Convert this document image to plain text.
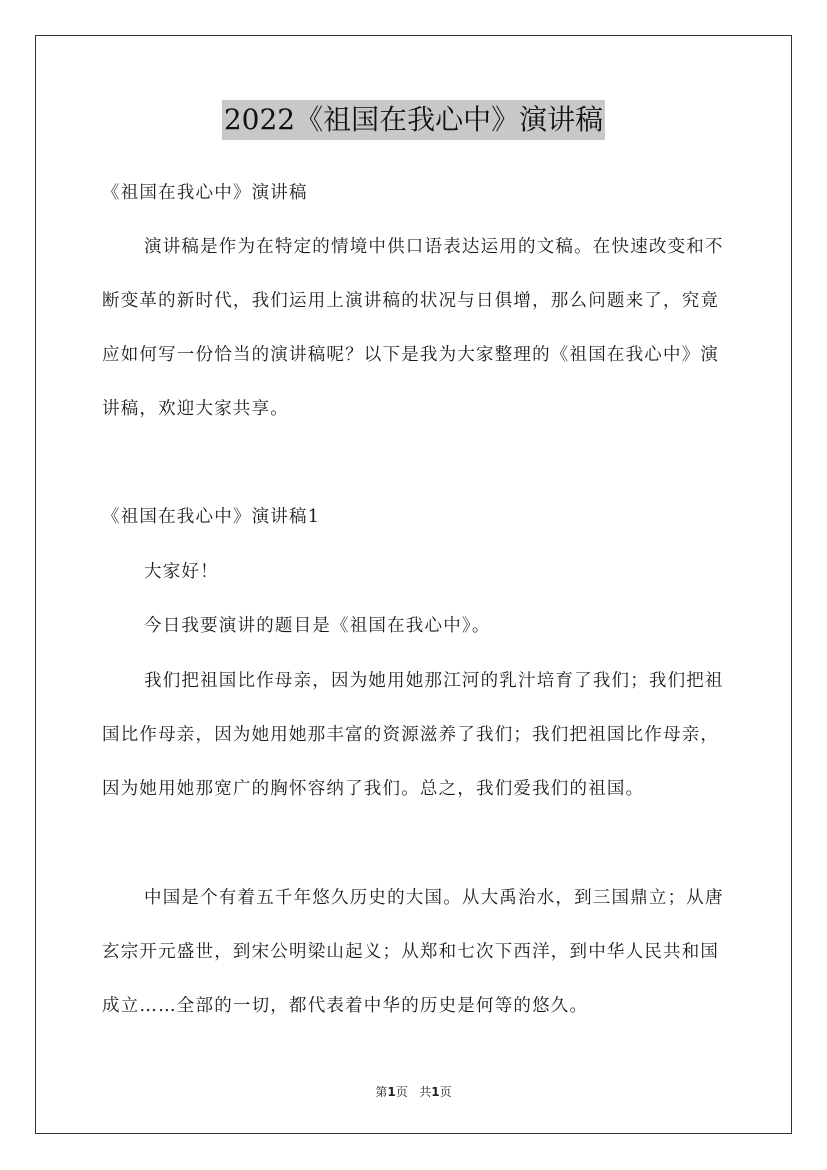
2022《祖国在我心中》演讲稿

《祖国在我心中》演讲稿

演讲稿是作为在特定的情境中供口语表达运用的文稿。在快速改变和不断变革的新时代，我们运用上演讲稿的状况与日俱增，那么问题来了，究竟应如何写一份恰当的演讲稿呢？以下是我为大家整理的《祖国在我心中》演讲稿，欢迎大家共享。

《祖国在我心中》演讲稿1

大家好！

今日我要演讲的题目是《祖国在我心中》。

我们把祖国比作母亲，因为她用她那江河的乳汁培育了我们；我们把祖国比作母亲，因为她用她那丰富的资源滋养了我们；我们把祖国比作母亲，因为她用她那宽广的胸怀容纳了我们。总之，我们爱我们的祖国。

中国是个有着五千年悠久历史的大国。从大禹治水，到三国鼎立；从唐玄宗开元盛世，到宋公明梁山起义；从郑和七次下西洋，到中华人民共和国成立……全部的一切，都代表着中华的历史是何等的悠久。

第1页 共1页
